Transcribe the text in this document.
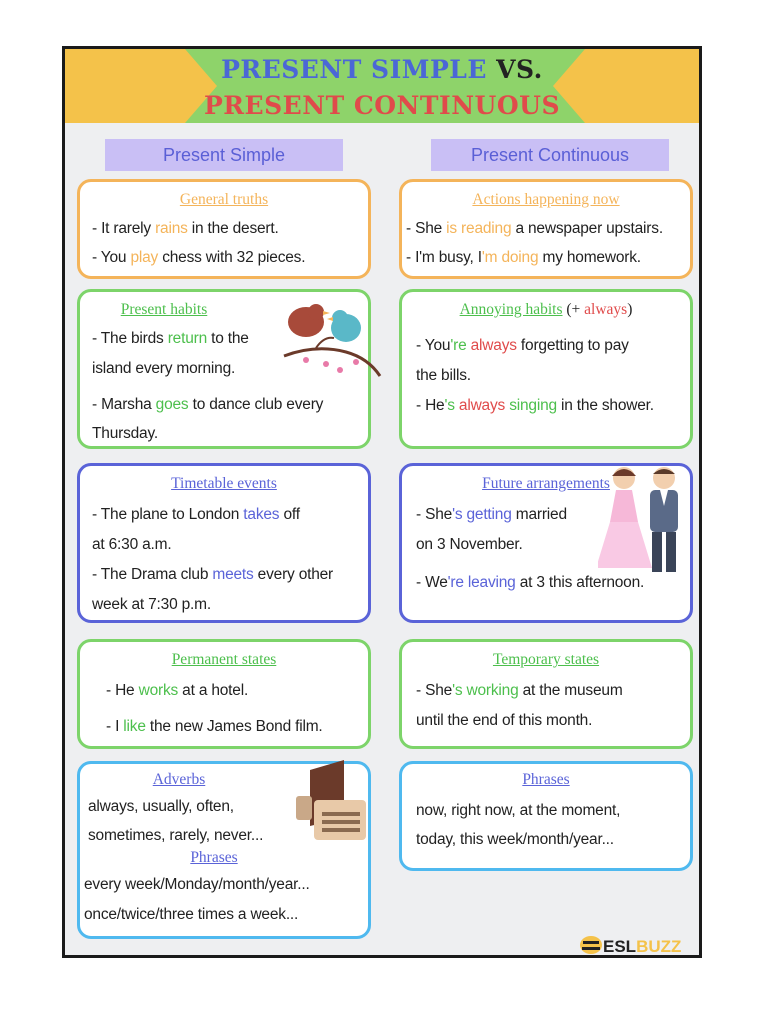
PRESENT SIMPLE VS.
PRESENT CONTINUOUS
Present Simple	Present Continuous
General truths
- It rarely rains in the desert.
- You play chess with 32 pieces.
Present habits
- The birds return to the
island every morning.
- Marsha goes to dance club every
Thursday.
Timetable events
- The plane to London takes off
at 6:30 a.m.
- The Drama club meets every other
week at 7:30 p.m.
Permanent states
- He works at a hotel.
- I like the new James Bond film.
Adverbs
always, usually, often,
sometimes, rarely, never...
Phrases
every week/Monday/month/year...
once/twice/three times a week...
Actions happening now
- She is reading a newspaper upstairs.
- I'm busy, I'm doing my homework.
Annoying habits (+ always)
- You're always forgetting to pay
the bills.
- He's always singing in the shower.
Future arrangements
- She's getting married
on 3 November.
- We're leaving at 3 this afternoon.
Temporary states
- She's working at the museum
until the end of this month.
Phrases
now, right now, at the moment,
today, this week/month/year...
ESLBUZZ
